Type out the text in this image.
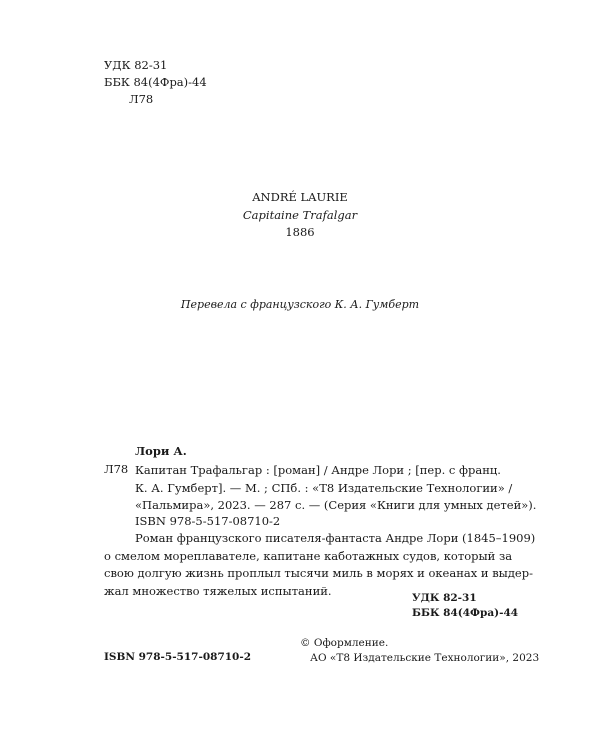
УДК 82-31
ББК 84(4Фра)-44
Л78
ANDRÉ LAURIE
Capitaine Trafalgar
1886
Перевела с французского К. А. Гумберт
Лори А.
Л78 Капитан Трафальгар : [роман] / Андре Лори ; [пер. с франц.
К. А. Гумберт]. — М. ; СПб. : «Т8 Издательские Технологии» /
«Пальмира», 2023. — 287 с. — (Серия «Книги для умных детей»).
ISBN 978-5-517-08710-2
Роман французского писателя-фантаста Андре Лори (1845–1909)
о смелом мореплавателе, капитане каботажных судов, который за
свою долгую жизнь проплыл тысячи миль в морях и океанах и выдер-
жал множество тяжелых испытаний.
УДК 82-31
ББК 84(4Фра)-44
ISBN 978-5-517-08710-2
© Оформление.
АО «Т8 Издательские Технологии», 2023
